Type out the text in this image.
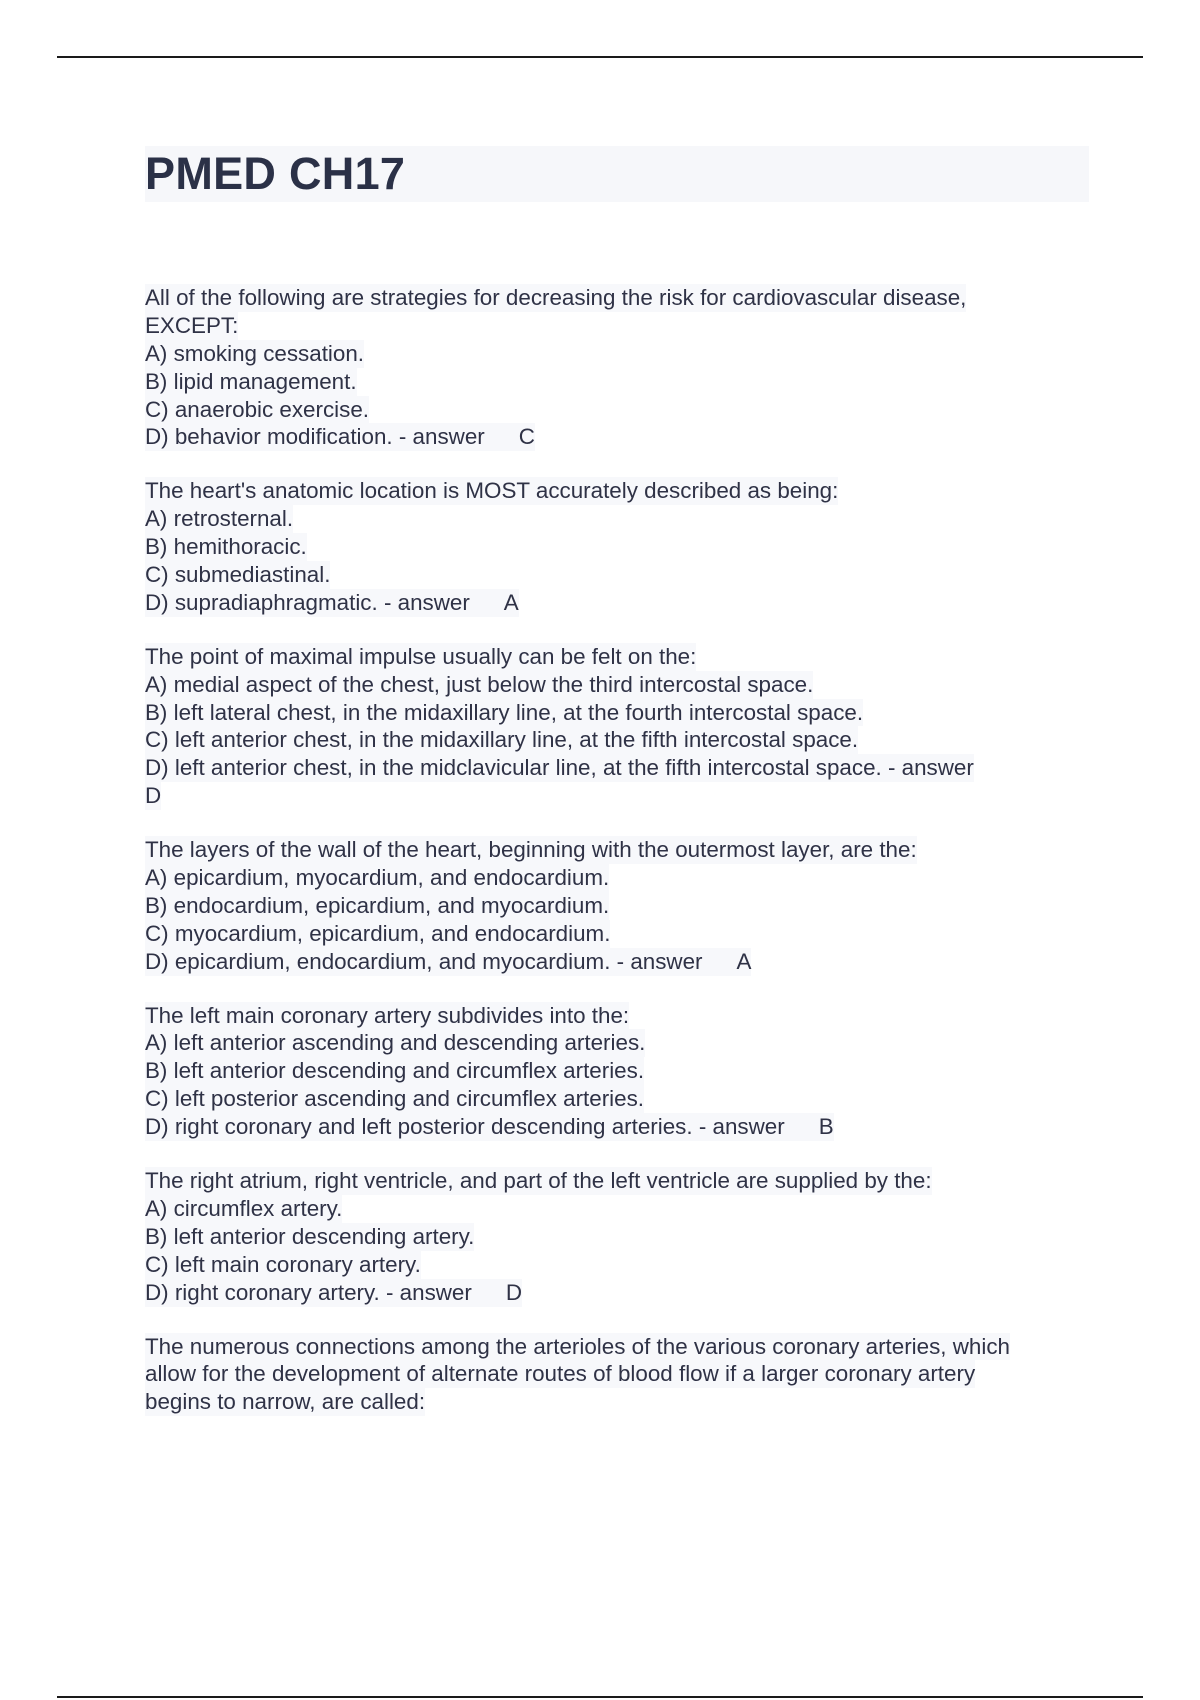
PMED CH17
All of the following are strategies for decreasing the risk for cardiovascular disease,
EXCEPT:
A) smoking cessation.
B) lipid management.
C) anaerobic exercise.
D) behavior modification. - answer C
The heart's anatomic location is MOST accurately described as being:
A) retrosternal.
B) hemithoracic.
C) submediastinal.
D) supradiaphragmatic. - answer A
The point of maximal impulse usually can be felt on the:
A) medial aspect of the chest, just below the third intercostal space.
B) left lateral chest, in the midaxillary line, at the fourth intercostal space.
C) left anterior chest, in the midaxillary line, at the fifth intercostal space.
D) left anterior chest, in the midclavicular line, at the fifth intercostal space. - answer
D
The layers of the wall of the heart, beginning with the outermost layer, are the:
A) epicardium, myocardium, and endocardium.
B) endocardium, epicardium, and myocardium.
C) myocardium, epicardium, and endocardium.
D) epicardium, endocardium, and myocardium. - answer A
The left main coronary artery subdivides into the:
A) left anterior ascending and descending arteries.
B) left anterior descending and circumflex arteries.
C) left posterior ascending and circumflex arteries.
D) right coronary and left posterior descending arteries. - answer B
The right atrium, right ventricle, and part of the left ventricle are supplied by the:
A) circumflex artery.
B) left anterior descending artery.
C) left main coronary artery.
D) right coronary artery. - answer D
The numerous connections among the arterioles of the various coronary arteries, which
allow for the development of alternate routes of blood flow if a larger coronary artery
begins to narrow, are called:
